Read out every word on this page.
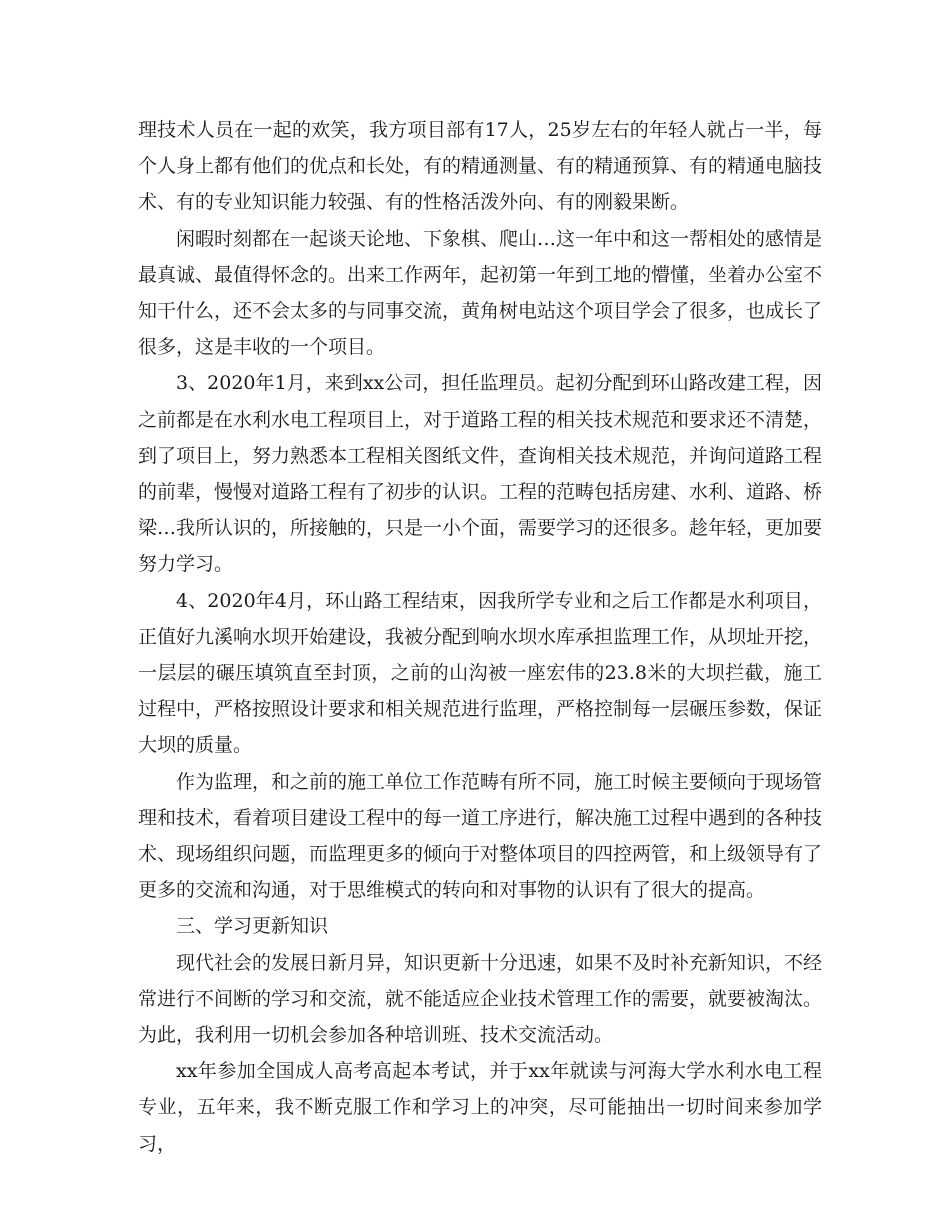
理技术人员在一起的欢笑，我方项目部有17人，25岁左右的年轻人就占一半，每个人身上都有他们的优点和长处，有的精通测量、有的精通预算、有的精通电脑技术、有的专业知识能力较强、有的性格活泼外向、有的刚毅果断。

闲暇时刻都在一起谈天论地、下象棋、爬山…这一年中和这一帮相处的感情是最真诚、最值得怀念的。出来工作两年，起初第一年到工地的懵懂，坐着办公室不知干什么，还不会太多的与同事交流，黄角树电站这个项目学会了很多，也成长了很多，这是丰收的一个项目。

3、2020年1月，来到xx公司，担任监理员。起初分配到环山路改建工程，因之前都是在水利水电工程项目上，对于道路工程的相关技术规范和要求还不清楚，到了项目上，努力熟悉本工程相关图纸文件，查询相关技术规范，并询问道路工程的前辈，慢慢对道路工程有了初步的认识。工程的范畴包括房建、水利、道路、桥梁…我所认识的，所接触的，只是一小个面，需要学习的还很多。趁年轻，更加要努力学习。

4、2020年4月，环山路工程结束，因我所学专业和之后工作都是水利项目，正值好九溪响水坝开始建设，我被分配到响水坝水库承担监理工作，从坝址开挖，一层层的碾压填筑直至封顶，之前的山沟被一座宏伟的23.8米的大坝拦截，施工过程中，严格按照设计要求和相关规范进行监理，严格控制每一层碾压参数，保证大坝的质量。

作为监理，和之前的施工单位工作范畴有所不同，施工时候主要倾向于现场管理和技术，看着项目建设工程中的每一道工序进行，解决施工过程中遇到的各种技术、现场组织问题，而监理更多的倾向于对整体项目的四控两管，和上级领导有了更多的交流和沟通，对于思维模式的转向和对事物的认识有了很大的提高。

三、学习更新知识

现代社会的发展日新月异，知识更新十分迅速，如果不及时补充新知识，不经常进行不间断的学习和交流，就不能适应企业技术管理工作的需要，就要被淘汰。为此，我利用一切机会参加各种培训班、技术交流活动。

xx年参加全国成人高考高起本考试，并于xx年就读与河海大学水利水电工程专业，五年来，我不断克服工作和学习上的冲突，尽可能抽出一切时间来参加学习，
